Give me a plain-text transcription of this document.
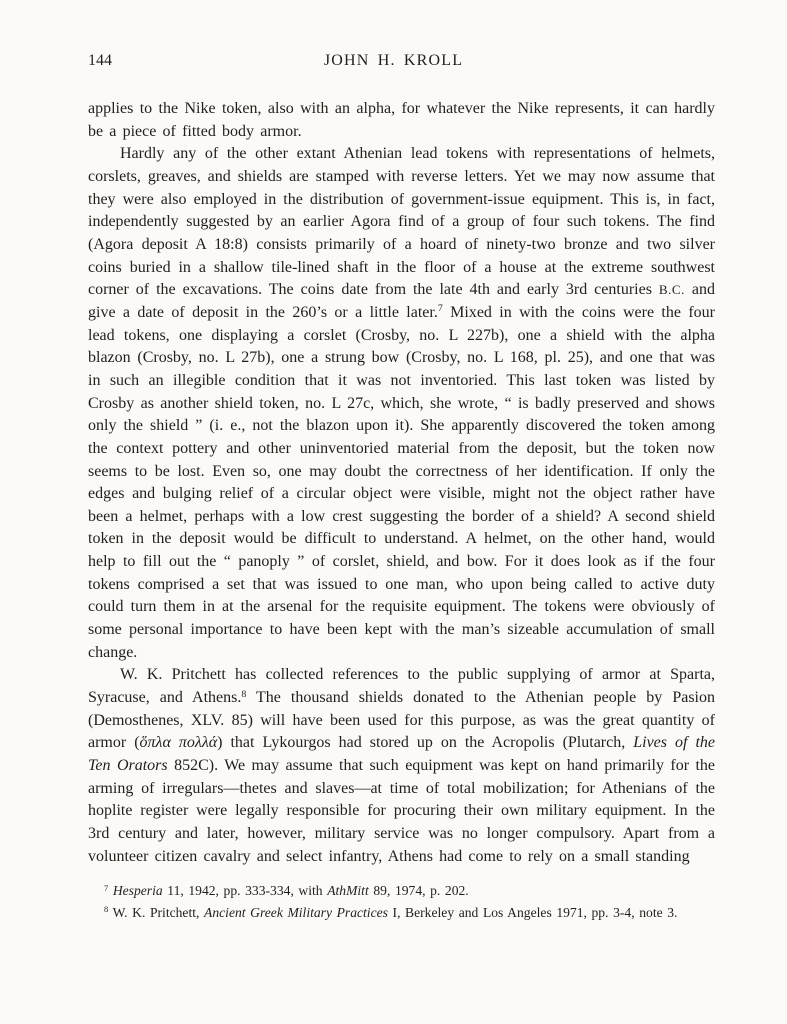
144	JOHN H. KROLL

applies to the Nike token, also with an alpha, for whatever the Nike represents, it can hardly be a piece of fitted body armor.

Hardly any of the other extant Athenian lead tokens with representations of helmets, corslets, greaves, and shields are stamped with reverse letters. Yet we may now assume that they were also employed in the distribution of government-issue equipment. This is, in fact, independently suggested by an earlier Agora find of a group of four such tokens. The find (Agora deposit A 18:8) consists primarily of a hoard of ninety-two bronze and two silver coins buried in a shallow tile-lined shaft in the floor of a house at the extreme southwest corner of the excavations. The coins date from the late 4th and early 3rd centuries B.C. and give a date of deposit in the 260’s or a little later.$^7$ Mixed in with the coins were the four lead tokens, one displaying a corslet (Crosby, no. L 227b), one a shield with the alpha blazon (Crosby, no. L 27b), one a strung bow (Crosby, no. L 168, pl. 25), and one that was in such an illegible condition that it was not inventoried. This last token was listed by Crosby as another shield token, no. L 27c, which, she wrote, “ is badly preserved and shows only the shield ” (i. e., not the blazon upon it). She apparently discovered the token among the context pottery and other uninventoried material from the deposit, but the token now seems to be lost. Even so, one may doubt the correctness of her identification. If only the edges and bulging relief of a circular object were visible, might not the object rather have been a helmet, perhaps with a low crest suggesting the border of a shield? A second shield token in the deposit would be difficult to understand. A helmet, on the other hand, would help to fill out the “ panoply ” of corslet, shield, and bow. For it does look as if the four tokens comprised a set that was issued to one man, who upon being called to active duty could turn them in at the arsenal for the requisite equipment. The tokens were obviously of some personal importance to have been kept with the man’s sizeable accumulation of small change.

W. K. Pritchett has collected references to the public supplying of armor at Sparta, Syracuse, and Athens.$^8$ The thousand shields donated to the Athenian people by Pasion (Demosthenes, XLV. 85) will have been used for this purpose, as was the great quantity of armor (ὅπλα πολλά) that Lykourgos had stored up on the Acropolis (Plutarch, Lives of the Ten Orators 852C). We may assume that such equipment was kept on hand primarily for the arming of irregulars—thetes and slaves—at time of total mobilization; for Athenians of the hoplite register were legally responsible for procuring their own military equipment. In the 3rd century and later, however, military service was no longer compulsory. Apart from a volunteer citizen cavalry and select infantry, Athens had come to rely on a small standing

$^7$ Hesperia 11, 1942, pp. 333-334, with AthMitt 89, 1974, p. 202.

$^8$ W. K. Pritchett, Ancient Greek Military Practices I, Berkeley and Los Angeles 1971, pp. 3-4, note 3.
